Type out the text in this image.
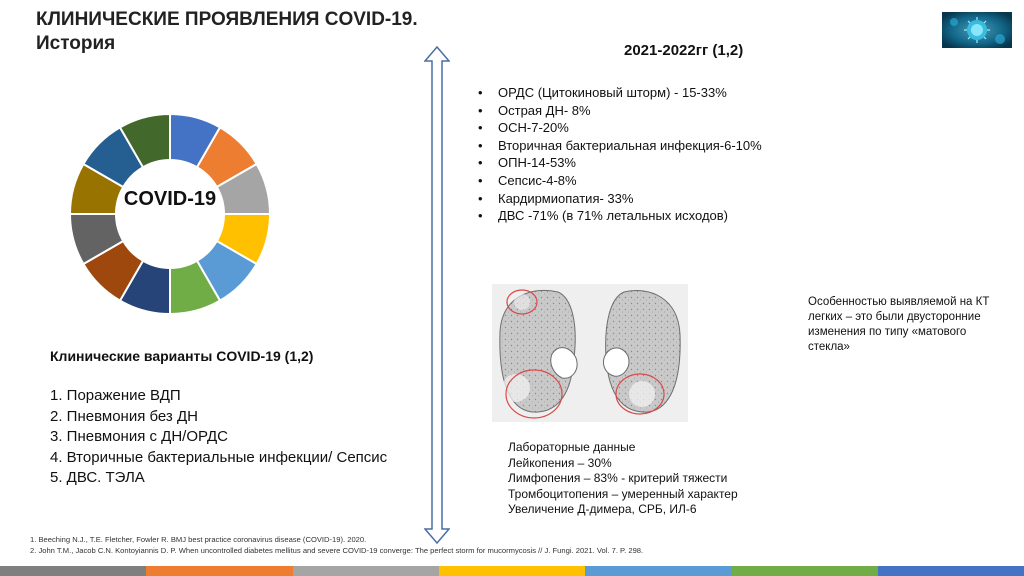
КЛИНИЧЕСКИЕ ПРОЯВЛЕНИЯ COVID-19.
История	2021-2022гг (1,2)
• ОРДС (Цитокиновый шторм) - 15-33%
• Острая ДН- 8%
• ОСН-7-20%
• Вторичная бактериальная инфекция-6-10%
• ОПН-14-53%
• Сепсис-4-8%
• Кардирмиопатия- 33%
• ДВС -71% (в 71% летальных исходов)
COVID-19
Клинические варианты COVID-19 (1,2)
1. Поражение ВДП
2. Пневмония без ДН
3. Пневмония с ДН/ОРДС
4. Вторичные бактериальные инфекции/ Сепсис
5. ДВС. ТЭЛА
Особенностью выявляемой на КТ легких – это были двусторонние изменения по типу «матового стекла»
Лабораторные данные
Лейкопения – 30%
Лимфопения – 83% - критерий тяжести
Тромбоцитопения – умеренный характер
Увеличение Д-димера, СРБ, ИЛ-6
1. Beeching N.J., T.E. Fletcher, Fowler R. BMJ best practice coronavirus disease (COVID-19). 2020.
2. John T.M., Jacob C.N. Kontoyiannis D. P. When uncontrolled diabetes mellitus and severe COVID-19 converge: The perfect storm for mucormycosis // J. Fungi. 2021. Vol. 7. P. 298.
